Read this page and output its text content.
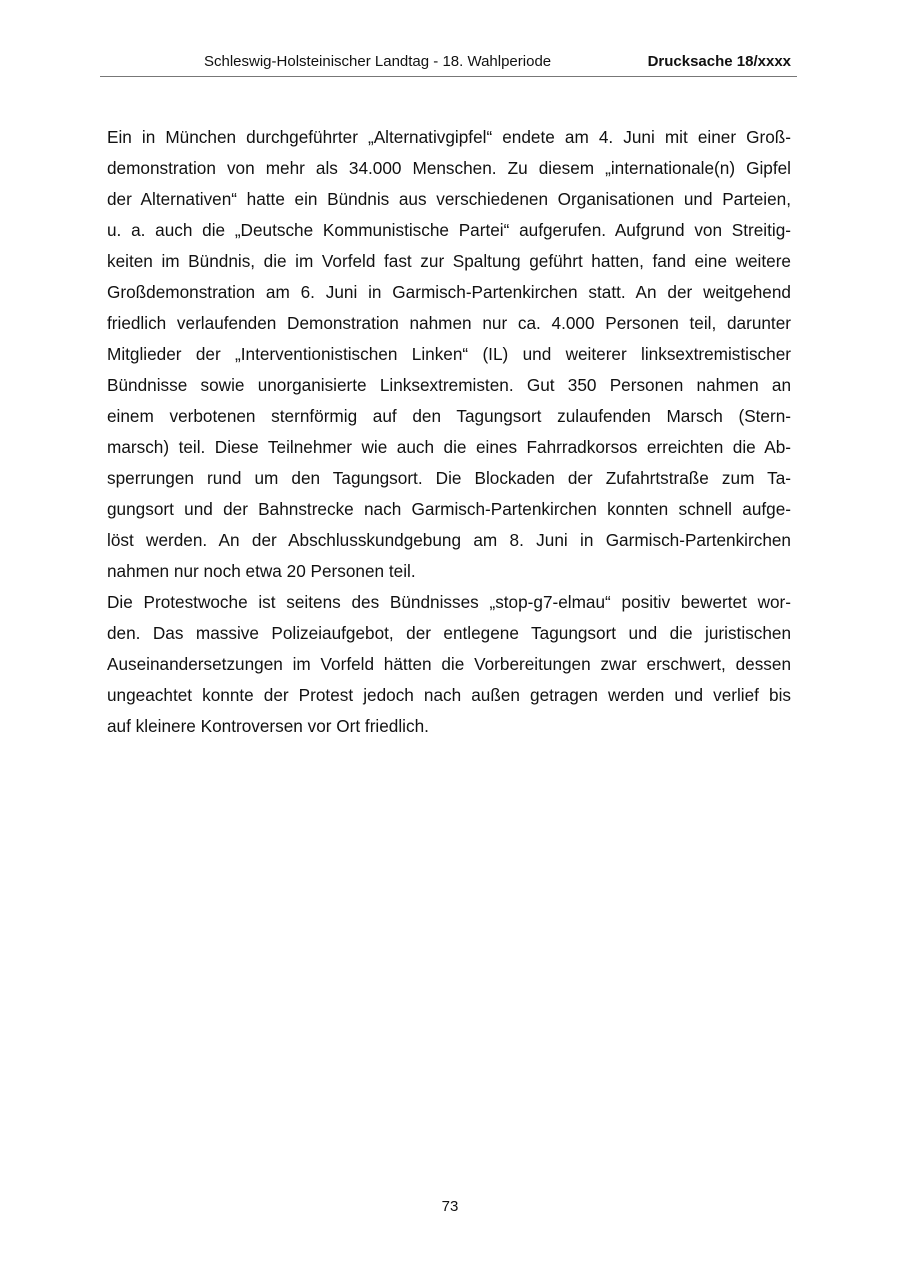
Schleswig-Holsteinischer Landtag - 18. Wahlperiode	Drucksache 18/xxxx
Ein in München durchgeführter „Alternativgipfel“ endete am 4. Juni mit einer Groß-
demonstration von mehr als 34.000 Menschen. Zu diesem „internationale(n) Gipfel
der Alternativen“ hatte ein Bündnis aus verschiedenen Organisationen und Parteien,
u. a. auch die „Deutsche Kommunistische Partei“ aufgerufen. Aufgrund von Streitig-
keiten im Bündnis, die im Vorfeld fast zur Spaltung geführt hatten, fand eine weitere
Großdemonstration am 6. Juni in Garmisch-Partenkirchen statt. An der weitgehend
friedlich verlaufenden Demonstration nahmen nur ca. 4.000 Personen teil, darunter
Mitglieder der „Interventionistischen Linken“ (IL) und weiterer linksextremistischer
Bündnisse sowie unorganisierte Linksextremisten. Gut 350 Personen nahmen an
einem verbotenen sternförmig auf den Tagungsort zulaufenden Marsch (Stern-
marsch) teil. Diese Teilnehmer wie auch die eines Fahrradkorsos erreichten die Ab-
sperrungen rund um den Tagungsort. Die Blockaden der Zufahrtstraße zum Ta-
gungsort und der Bahnstrecke nach Garmisch-Partenkirchen konnten schnell aufge-
löst werden. An der Abschlusskundgebung am 8. Juni in Garmisch-Partenkirchen
nahmen nur noch etwa 20 Personen teil.
Die Protestwoche ist seitens des Bündnisses „stop-g7-elmau“ positiv bewertet wor-
den. Das massive Polizeiaufgebot, der entlegene Tagungsort und die juristischen
Auseinandersetzungen im Vorfeld hätten die Vorbereitungen zwar erschwert, dessen
ungeachtet konnte der Protest jedoch nach außen getragen werden und verlief bis
auf kleinere Kontroversen vor Ort friedlich.
73
